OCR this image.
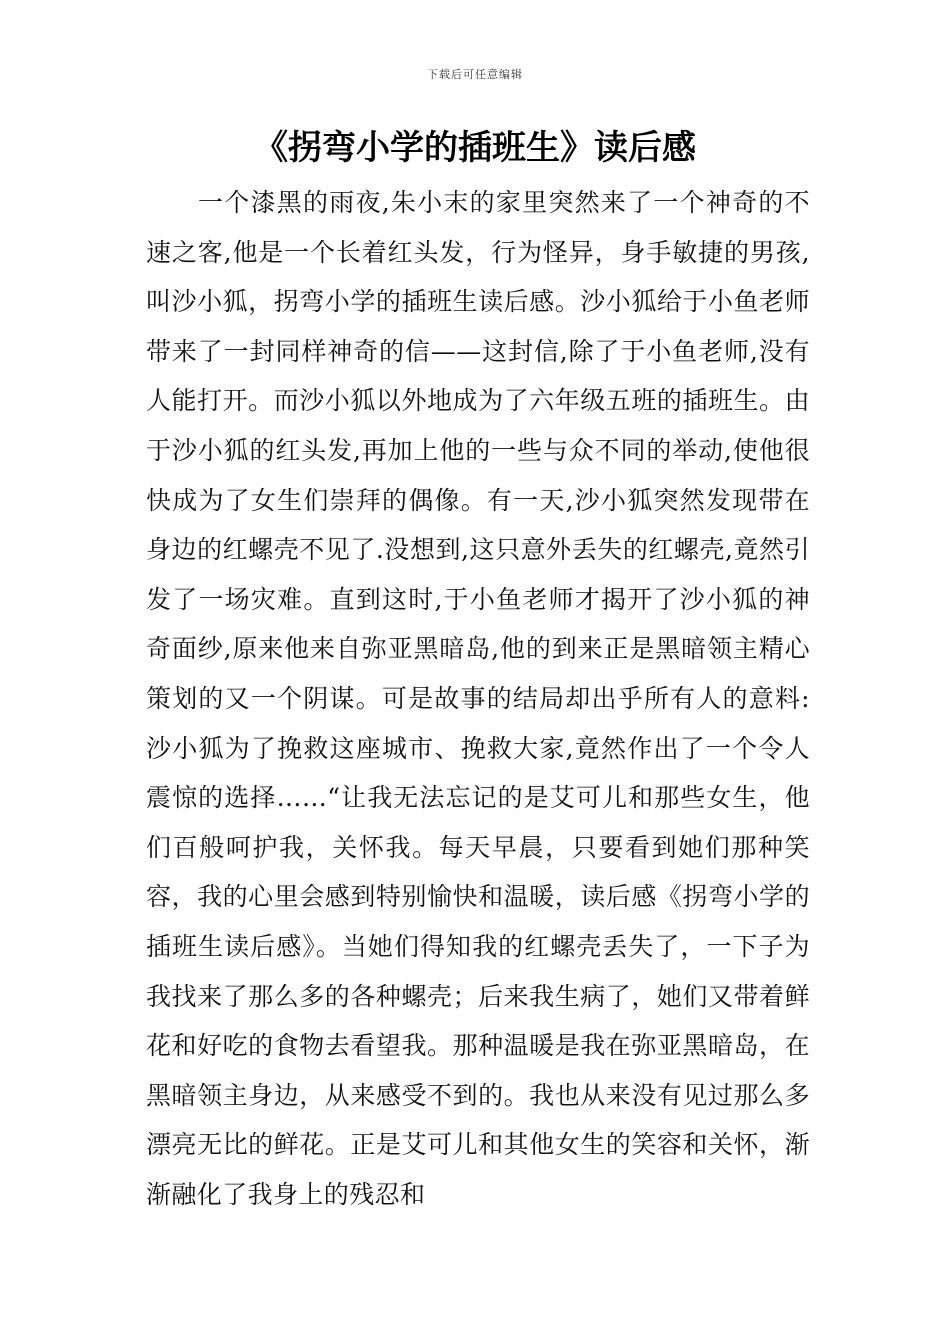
下载后可任意编辑
《拐弯小学的插班生》读后感

一个漆黑的雨夜,朱小末的家里突然来了一个神奇的不速之客,他是一个长着红头发，行为怪异，身手敏捷的男孩,叫沙小狐，拐弯小学的插班生读后感。沙小狐给于小鱼老师带来了一封同样神奇的信——这封信,除了于小鱼老师,没有人能打开。而沙小狐以外地成为了六年级五班的插班生。由于沙小狐的红头发,再加上他的一些与众不同的举动,使他很快成为了女生们崇拜的偶像。有一天,沙小狐突然发现带在身边的红螺壳不见了.没想到,这只意外丢失的红螺壳,竟然引发了一场灾难。直到这时,于小鱼老师才揭开了沙小狐的神奇面纱,原来他来自弥亚黑暗岛,他的到来正是黑暗领主精心策划的又一个阴谋。可是故事的结局却出乎所有人的意料:沙小狐为了挽救这座城市、挽救大家,竟然作出了一个令人震惊的选择……“让我无法忘记的是艾可儿和那些女生，他们百般呵护我，关怀我。每天早晨，只要看到她们那种笑容，我的心里会感到特别愉快和温暖，读后感《拐弯小学的插班生读后感》。当她们得知我的红螺壳丢失了，一下子为我找来了那么多的各种螺壳；后来我生病了，她们又带着鲜花和好吃的食物去看望我。那种温暖是我在弥亚黑暗岛，在黑暗领主身边，从来感受不到的。我也从来没有见过那么多漂亮无比的鲜花。正是艾可儿和其他女生的笑容和关怀，渐渐融化了我身上的残忍和
